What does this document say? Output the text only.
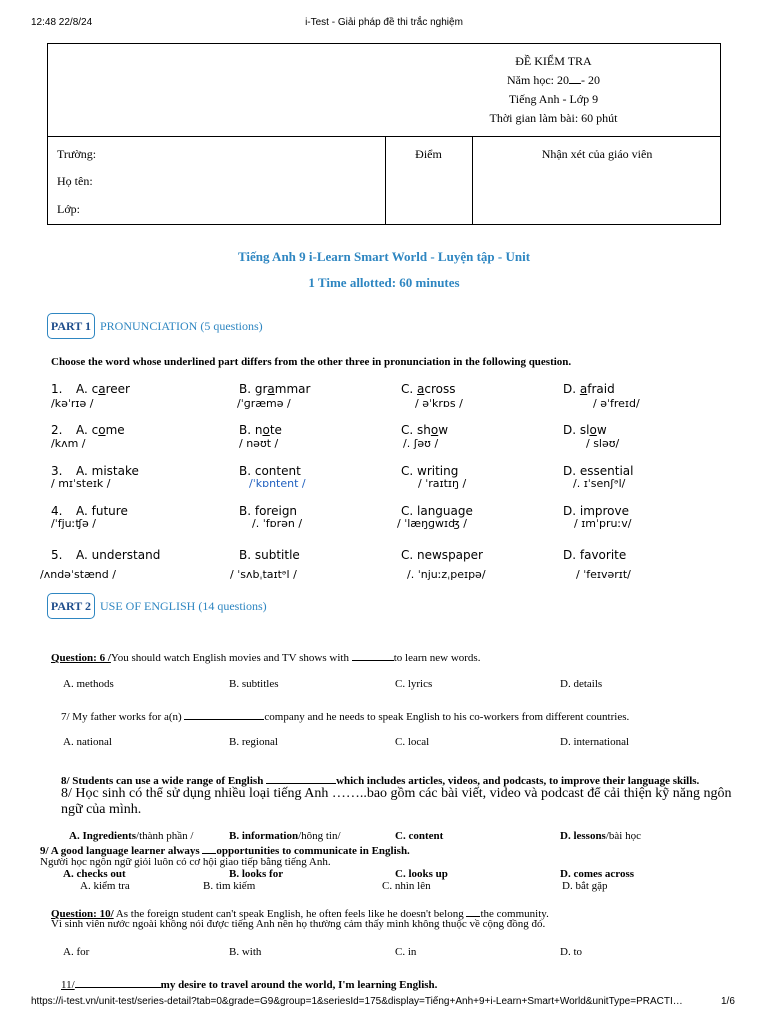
12:48 22/8/24	i-Test - Giải pháp đề thi trắc nghiệm
ĐỀ KIỂM TRA
Năm học: 20 - 20
Tiếng Anh - Lớp 9
Thời gian làm bài: 60 phút
Trường:
Họ tên:
Lớp:
Điểm	Nhận xét của giáo viên
Tiếng Anh 9 i-Learn Smart World - Luyện tập - Unit
1 Time allotted: 60 minutes
PART 1 PRONUNCIATION (5 questions)
Choose the word whose underlined part differs from the other three in pronunciation in the following question.
1. A. career
/kəˈrɪə /
B. grammar
/ˈɡræmə /
C. across
/ əˈkrɒs /
D. afraid
/ əˈfreɪd/
2. A. come
/kʌm /
B. note
/ nəʊt /
C. show
/. ʃəʊ /
D. slow
/ sləʊ/
3. A. mistake
/ mɪˈsteɪk /
B. content
/ˈkɒntent /
C. writing
/ ˈraɪtɪŋ /
D. essential
/. ɪˈsenʃᵊl/
4. A. future
/ˈfjuːʧə /
B. foreign
/. ˈfɒrən /
C. language
/ ˈlæŋɡwɪʤ /
D. improve
/ ɪmˈpruːv/
5. A. understand
/ʌndəˈstænd /
B. subtitle
/ ˈsʌbˌtaɪtᵊl /
C. newspaper
/. ˈnjuːzˌpeɪpə/
D. favorite
/ ˈfeɪvərɪt/
PART 2 USE OF ENGLISH (14 questions)
Question: 6 /You should watch English movies and TV shows with	to learn new words.
A. methods	B. subtitles	C. lyrics	D. details
7/ My father works for a(n)	company and he needs to speak English to his co-workers from different countries.
A. national	B. regional	C. local	D. international
8/ Students can use a wide range of English	which includes articles, videos, and podcasts, to improve their language skills.
8/ Học sinh có thể sử dụng nhiều loại tiếng Anh ……..bao gồm các bài viết, video và podcast để cải thiện kỹ năng ngôn
ngữ của mình.
A. Ingredients/thành phần /	B. information/hông tin/	C. content	D. lessons/bài học
9/ A good language learner always opportunities to communicate in English.
Người học ngôn ngữ giỏi luôn có cơ hội giao tiếp bằng tiếng Anh.
A. checks out	B. looks for	C. looks up	D. comes across
A. kiểm tra	B. tìm kiếm	C. nhìn lên	D. bắt gặp
Question: 10/ As the foreign student can't speak English, he often feels like he doesn't belong the community.
Vì sinh viên nước ngoài không nói được tiếng Anh nên họ thường cảm thấy mình không thuộc về cộng đồng đó.
A. for	B. with	C. in	D. to
11/	my desire to travel around the world, I'm learning English.
https://i-test.vn/unit-test/series-detail?tab=0&grade=G9&group=1&seriesId=175&display=Tiếng+Anh+9+i-Learn+Smart+World&unitType=PRACTI…	1/6
